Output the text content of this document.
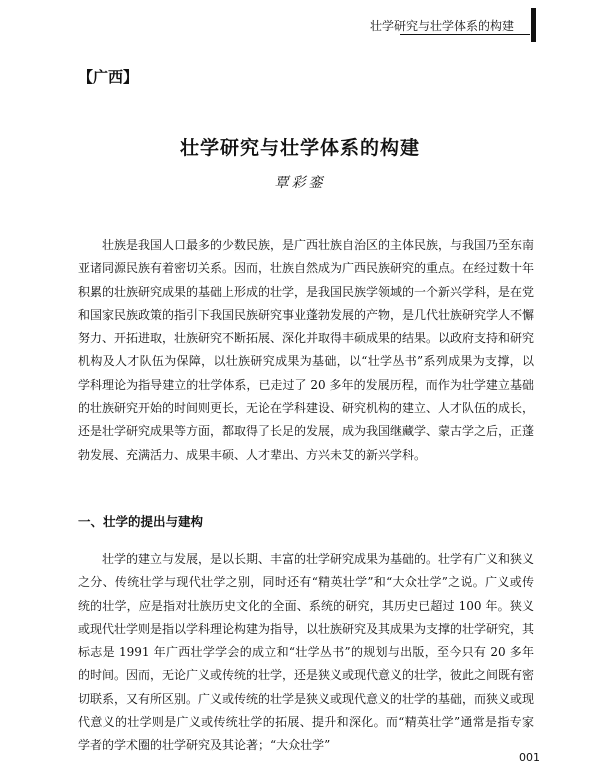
壮学研究与壮学体系的构建
【广西】
壮学研究与壮学体系的构建
覃彩銮

壮族是我国人口最多的少数民族，是广西壮族自治区的主体民族，与我国乃至东南亚诸同源民族有着密切关系。因而，壮族自然成为广西民族研究的重点。在经过数十年积累的壮族研究成果的基础上形成的壮学，是我国民族学领域的一个新兴学科，是在党和国家民族政策的指引下我国民族研究事业蓬勃发展的产物，是几代壮族研究学人不懈努力、开拓进取，壮族研究不断拓展、深化并取得丰硕成果的结果。以政府支持和研究机构及人才队伍为保障，以壮族研究成果为基础，以“壮学丛书”系列成果为支撑，以学科理论为指导建立的壮学体系，已走过了 20 多年的发展历程，而作为壮学建立基础的壮族研究开始的时间则更长，无论在学科建设、研究机构的建立、人才队伍的成长，还是壮学研究成果等方面，都取得了长足的发展，成为我国继藏学、蒙古学之后，正蓬勃发展、充满活力、成果丰硕、人才辈出、方兴未艾的新兴学科。

一、壮学的提出与建构

壮学的建立与发展，是以长期、丰富的壮学研究成果为基础的。壮学有广义和狭义之分、传统壮学与现代壮学之别，同时还有“精英壮学”和“大众壮学”之说。广义或传统的壮学，应是指对壮族历史文化的全面、系统的研究，其历史已超过 100 年。狭义或现代壮学则是指以学科理论构建为指导，以壮族研究及其成果为支撑的壮学研究，其标志是 1991 年广西壮学学会的成立和“壮学丛书”的规划与出版，至今只有 20 多年的时间。因而，无论广义或传统的壮学，还是狭义或现代意义的壮学，彼此之间既有密切联系，又有所区别。广义或传统的壮学是狭义或现代意义的壮学的基础，而狭义或现代意义的壮学则是广义或传统壮学的拓展、提升和深化。而“精英壮学”通常是指专家学者的学术圈的壮学研究及其论著；“大众壮学”

001
